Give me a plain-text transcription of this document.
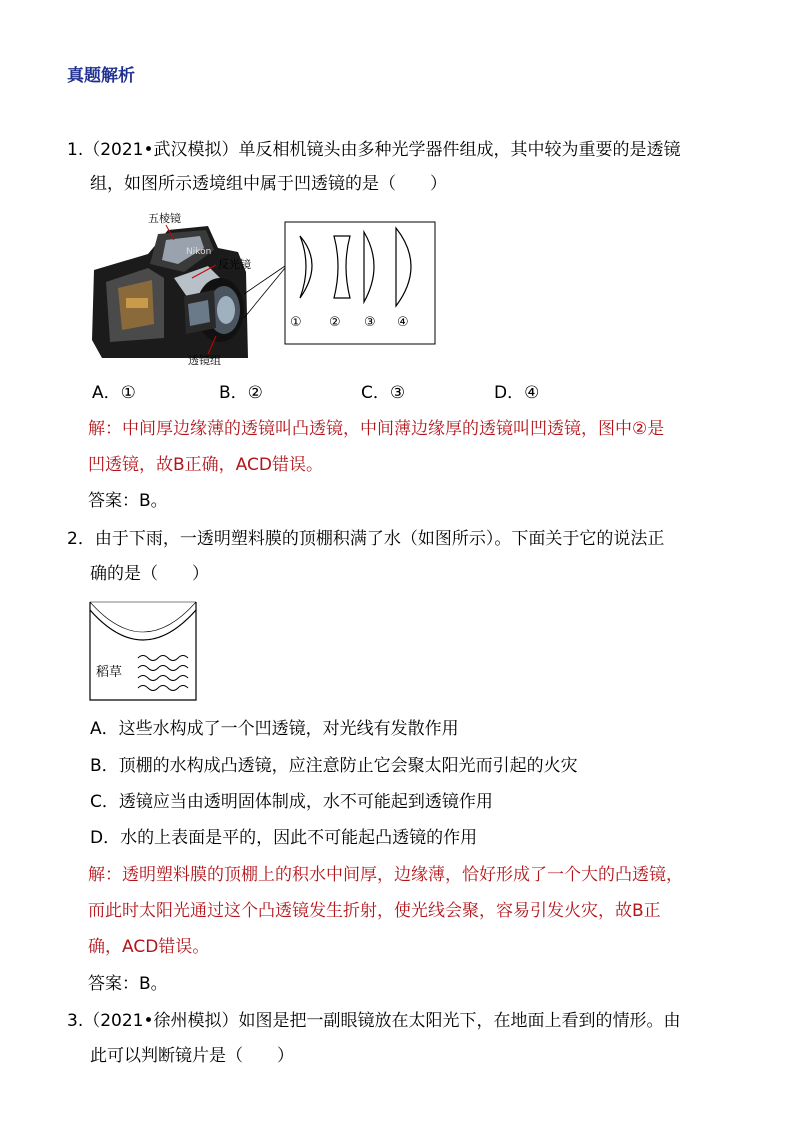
真题解析
1.（2021•武汉模拟）单反相机镜头由多种光学器件组成，其中较为重要的是透镜
组，如图所示透境组中属于凹透镜的是（　　）
Nikon
五棱镜
反光镜
透镜组
① ② ③ ④
A．①	B．②	C．③	D．④
解：中间厚边缘薄的透镜叫凸透镜，中间薄边缘厚的透镜叫凹透镜，图中②是
凹透镜，故B正确，ACD错误。
答案：B。
2．由于下雨，一透明塑料膜的顶棚积满了水（如图所示）。下面关于它的说法正
确的是（　　）
稻草
A．这些水构成了一个凹透镜，对光线有发散作用
B．顶棚的水构成凸透镜，应注意防止它会聚太阳光而引起的火灾
C．透镜应当由透明固体制成，水不可能起到透镜作用
D．水的上表面是平的，因此不可能起凸透镜的作用
解：透明塑料膜的顶棚上的积水中间厚，边缘薄，恰好形成了一个大的凸透镜，
而此时太阳光通过这个凸透镜发生折射，使光线会聚，容易引发火灾，故B正
确，ACD错误。
答案：B。
3.（2021•徐州模拟）如图是把一副眼镜放在太阳光下，在地面上看到的情形。由
此可以判断镜片是（　　）
